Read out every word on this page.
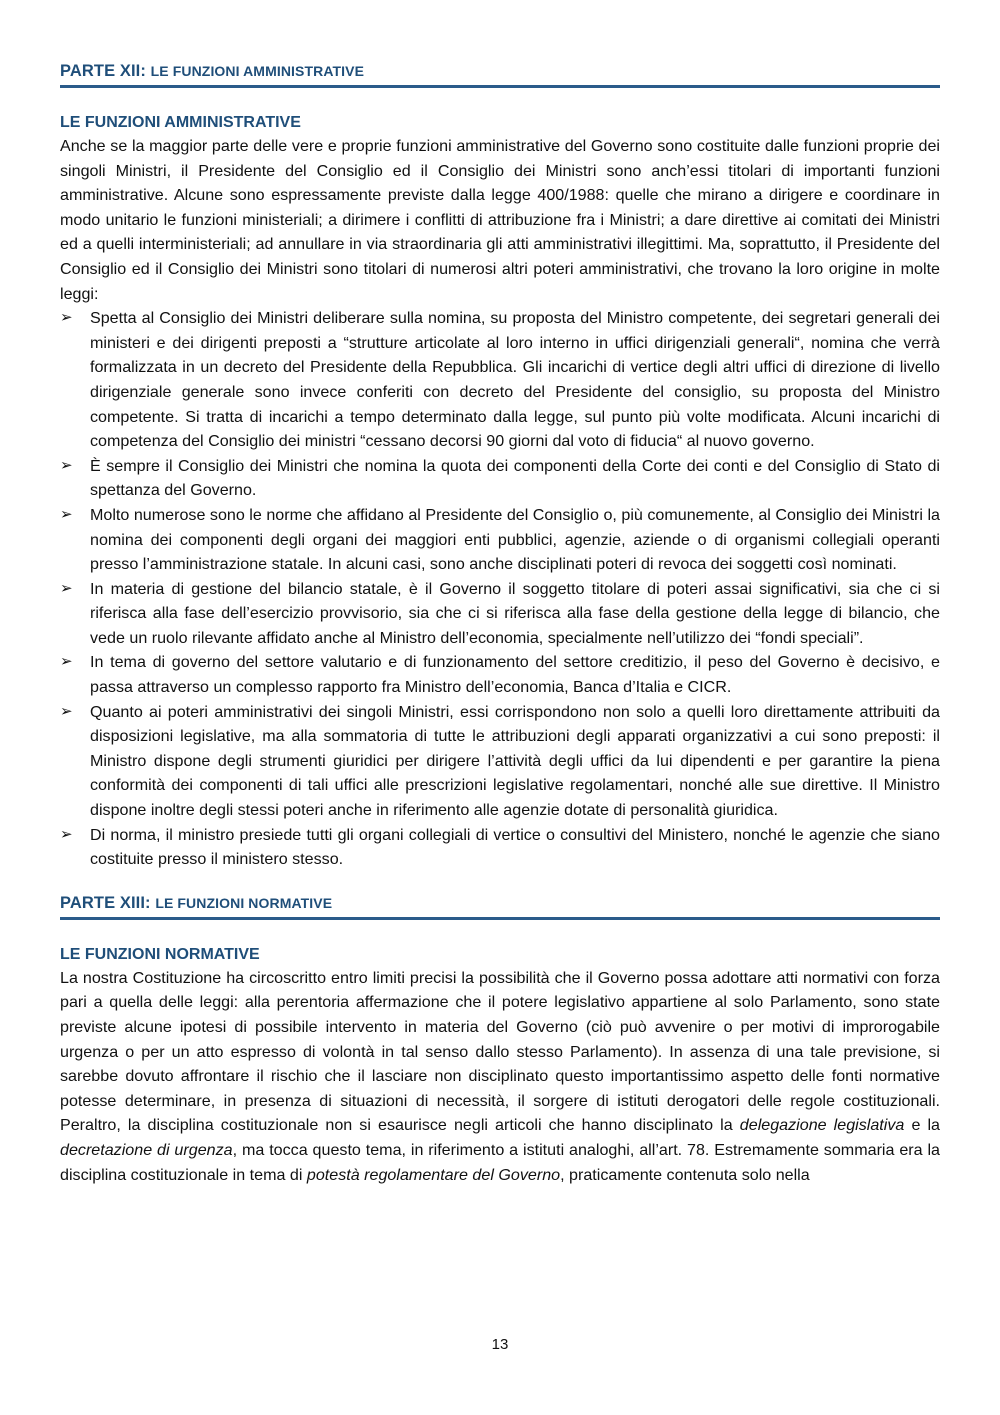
PARTE XII: LE FUNZIONI AMMINISTRATIVE
LE FUNZIONI AMMINISTRATIVE

Anche se la maggior parte delle vere e proprie funzioni amministrative del Governo sono costituite dalle funzioni proprie dei singoli Ministri, il Presidente del Consiglio ed il Consiglio dei Ministri sono anch’essi titolari di importanti funzioni amministrative. Alcune sono espressamente previste dalla legge 400/1988: quelle che mirano a dirigere e coordinare in modo unitario le funzioni ministeriali; a dirimere i conflitti di attribuzione fra i Ministri; a dare direttive ai comitati dei Ministri ed a quelli interministeriali; ad annullare in via straordinaria gli atti amministrativi illegittimi. Ma, soprattutto, il Presidente del Consiglio ed il Consiglio dei Ministri sono titolari di numerosi altri poteri amministrativi, che trovano la loro origine in molte leggi:

➢ Spetta al Consiglio dei Ministri deliberare sulla nomina, su proposta del Ministro competente, dei segretari generali dei ministeri e dei dirigenti preposti a “strutture articolate al loro interno in uffici dirigenziali generali“, nomina che verrà formalizzata in un decreto del Presidente della Repubblica. Gli incarichi di vertice degli altri uffici di direzione di livello dirigenziale generale sono invece conferiti con decreto del Presidente del consiglio, su proposta del Ministro competente. Si tratta di incarichi a tempo determinato dalla legge, sul punto più volte modificata. Alcuni incarichi di competenza del Consiglio dei ministri “cessano decorsi 90 giorni dal voto di fiducia“ al nuovo governo.
➢ È sempre il Consiglio dei Ministri che nomina la quota dei componenti della Corte dei conti e del Consiglio di Stato di spettanza del Governo.
➢ Molto numerose sono le norme che affidano al Presidente del Consiglio o, più comunemente, al Consiglio dei Ministri la nomina dei componenti degli organi dei maggiori enti pubblici, agenzie, aziende o di organismi collegiali operanti presso l’amministrazione statale. In alcuni casi, sono anche disciplinati poteri di revoca dei soggetti così nominati.
➢ In materia di gestione del bilancio statale, è il Governo il soggetto titolare di poteri assai significativi, sia che ci si riferisca alla fase dell’esercizio provvisorio, sia che ci si riferisca alla fase della gestione della legge di bilancio, che vede un ruolo rilevante affidato anche al Ministro dell’economia, specialmente nell’utilizzo dei “fondi speciali”.
➢ In tema di governo del settore valutario e di funzionamento del settore creditizio, il peso del Governo è decisivo, e passa attraverso un complesso rapporto fra Ministro dell’economia, Banca d’Italia e CICR.
➢ Quanto ai poteri amministrativi dei singoli Ministri, essi corrispondono non solo a quelli loro direttamente attribuiti da disposizioni legislative, ma alla sommatoria di tutte le attribuzioni degli apparati organizzativi a cui sono preposti: il Ministro dispone degli strumenti giuridici per dirigere l’attività degli uffici da lui dipendenti e per garantire la piena conformità dei componenti di tali uffici alle prescrizioni legislative regolamentari, nonché alle sue direttive. Il Ministro dispone inoltre degli stessi poteri anche in riferimento alle agenzie dotate di personalità giuridica.
➢ Di norma, il ministro presiede tutti gli organi collegiali di vertice o consultivi del Ministero, nonché le agenzie che siano costituite presso il ministero stesso.
PARTE XIII: LE FUNZIONI NORMATIVE
LE FUNZIONI NORMATIVE

La nostra Costituzione ha circoscritto entro limiti precisi la possibilità che il Governo possa adottare atti normativi con forza pari a quella delle leggi: alla perentoria affermazione che il potere legislativo appartiene al solo Parlamento, sono state previste alcune ipotesi di possibile intervento in materia del Governo (ciò può avvenire o per motivi di improrogabile urgenza o per un atto espresso di volontà in tal senso dallo stesso Parlamento). In assenza di una tale previsione, si sarebbe dovuto affrontare il rischio che il lasciare non disciplinato questo importantissimo aspetto delle fonti normative potesse determinare, in presenza di situazioni di necessità, il sorgere di istituti derogatori delle regole costituzionali. Peraltro, la disciplina costituzionale non si esaurisce negli articoli che hanno disciplinato la delegazione legislativa e la decretazione di urgenza, ma tocca questo tema, in riferimento a istituti analoghi, all’art. 78. Estremamente sommaria era la disciplina costituzionale in tema di potestà regolamentare del Governo, praticamente contenuta solo nella

13
